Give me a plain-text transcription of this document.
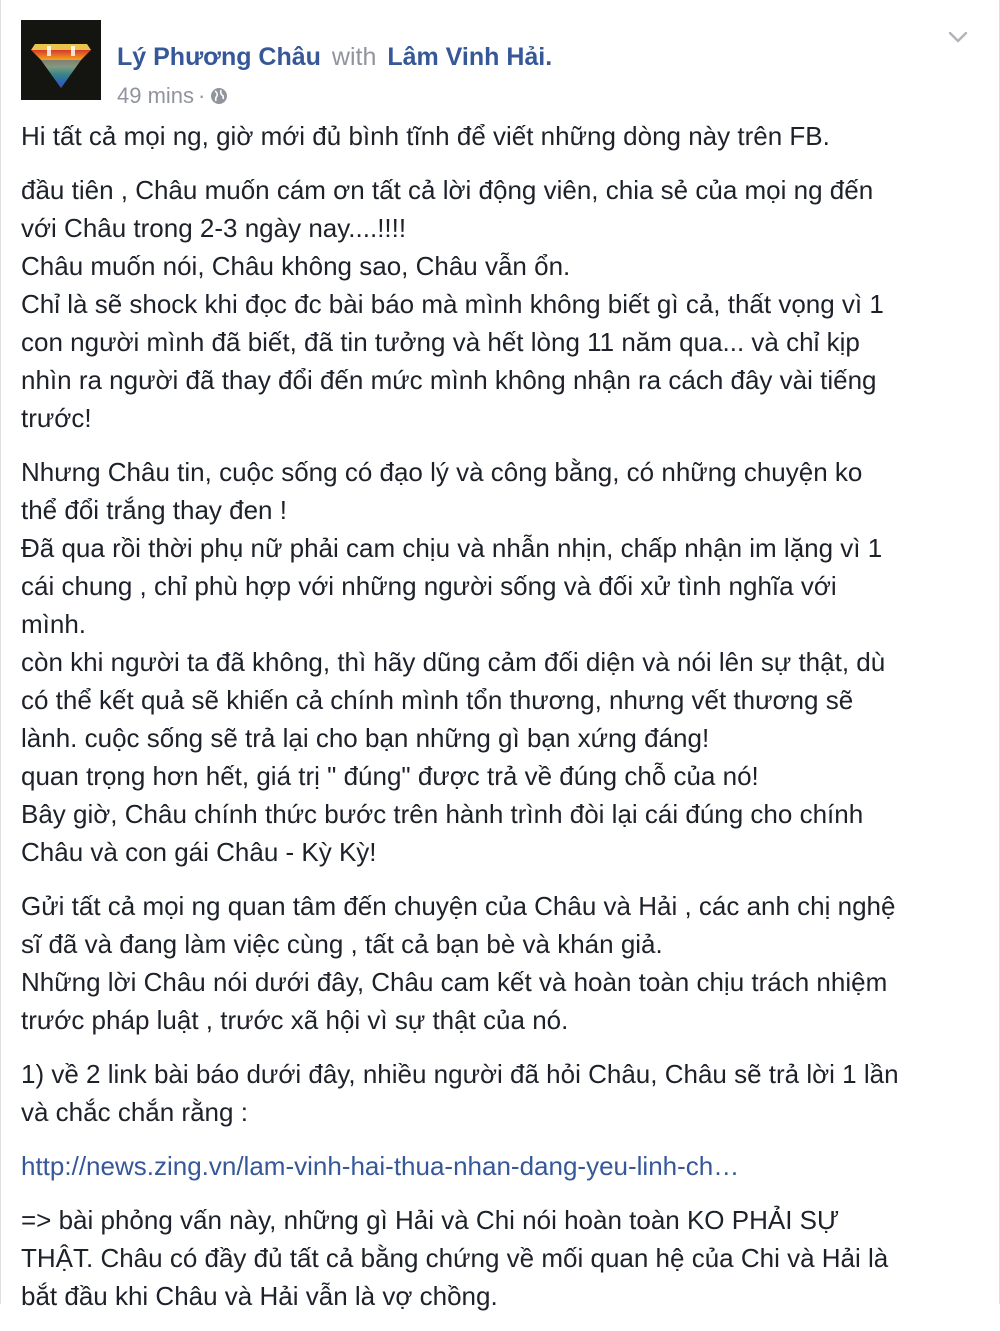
Lý Phương Châu with Lâm Vinh Hải.
49 mins ·

Hi tất cả mọi ng, giờ mới đủ bình tĩnh để viết những dòng này trên FB.

đầu tiên , Châu muốn cám ơn tất cả lời động viên, chia sẻ của mọi ng đến
với Châu trong 2-3 ngày nay....!!!!
Châu muốn nói, Châu không sao, Châu vẫn ổn.
Chỉ là sẽ shock khi đọc đc bài báo mà mình không biết gì cả, thất vọng vì 1
con người mình đã biết, đã tin tưởng và hết lòng 11 năm qua... và chỉ kịp
nhìn ra người đã thay đổi đến mức mình không nhận ra cách đây vài tiếng
trước!

Nhưng Châu tin, cuộc sống có đạo lý và công bằng, có những chuyện ko
thể đổi trắng thay đen !
Đã qua rồi thời phụ nữ phải cam chịu và nhẫn nhịn, chấp nhận im lặng vì 1
cái chung , chỉ phù hợp với những người sống và đối xử tình nghĩa với
mình.
còn khi người ta đã không, thì hãy dũng cảm đối diện và nói lên sự thật, dù
có thể kết quả sẽ khiến cả chính mình tổn thương, nhưng vết thương sẽ
lành. cuộc sống sẽ trả lại cho bạn những gì bạn xứng đáng!
quan trọng hơn hết, giá trị " đúng" được trả về đúng chỗ của nó!
Bây giờ, Châu chính thức bước trên hành trình đòi lại cái đúng cho chính
Châu và con gái Châu - Kỳ Kỳ!

Gửi tất cả mọi ng quan tâm đến chuyện của Châu và Hải , các anh chị nghệ
sĩ đã và đang làm việc cùng , tất cả bạn bè và khán giả.
Những lời Châu nói dưới đây, Châu cam kết và hoàn toàn chịu trách nhiệm
trước pháp luật , trước xã hội vì sự thật của nó.

1) về 2 link bài báo dưới đây, nhiều người đã hỏi Châu, Châu sẽ trả lời 1 lần
và chắc chắn rằng :

http://news.zing.vn/lam-vinh-hai-thua-nhan-dang-yeu-linh-ch…

=> bài phỏng vấn này, những gì Hải và Chi nói hoàn toàn KO PHẢI SỰ
THẬT. Châu có đầy đủ tất cả bằng chứng về mối quan hệ của Chi và Hải là
bắt đầu khi Châu và Hải vẫn là vợ chồng.
